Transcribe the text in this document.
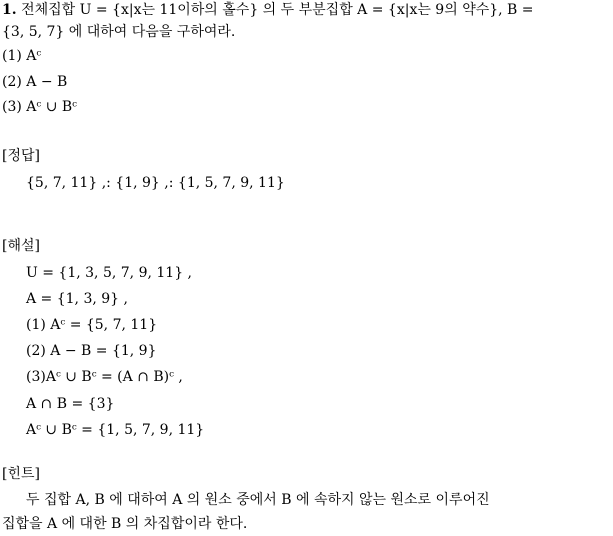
1. 전체집합 U = {x|x는 11이하의 홀수} 의 두 부분집합 A = {x|x는 9의 약수}, B =
{3, 5, 7} 에 대하여 다음을 구하여라.
(1) Aᶜ
(2) A − B
(3) Aᶜ ∪ Bᶜ
[정답]
{5, 7, 11} ,: {1, 9} ,: {1, 5, 7, 9, 11}
[해설]
U = {1, 3, 5, 7, 9, 11} ,
A = {1, 3, 9} ,
(1) Aᶜ = {5, 7, 11}
(2) A − B = {1, 9}
(3)Aᶜ ∪ Bᶜ = (A ∩ B)ᶜ ,
A ∩ B = {3}
Aᶜ ∪ Bᶜ = {1, 5, 7, 9, 11}
[힌트]
두 집합 A, B 에 대하여 A 의 원소 중에서 B 에 속하지 않는 원소로 이루어진
집합을 A 에 대한 B 의 차집합이라 한다.
